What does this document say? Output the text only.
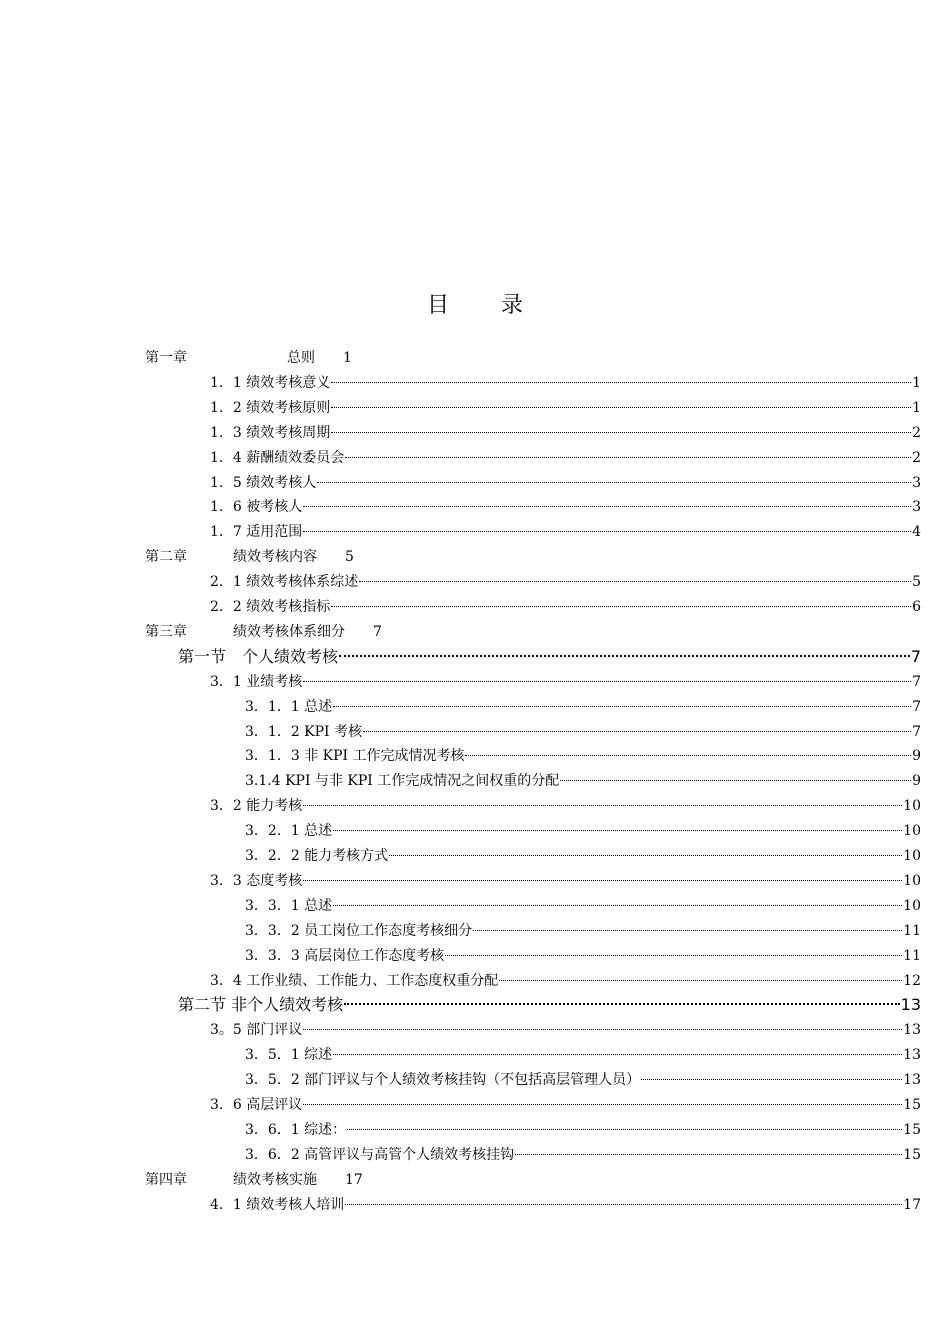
目 录
第一章	总则 1
1．1 绩效考核意义	1
1．2 绩效考核原则	1
1．3 绩效考核周期	2
1．4 薪酬绩效委员会	2
1．5 绩效考核人	3
1．6 被考核人	3
1．7 适用范围	4
第二章	绩效考核内容 5
2．1 绩效考核体系综述	5
2．2 绩效考核指标	6
第三章	绩效考核体系细分 7
第一节　个人绩效考核	7
3．1 业绩考核	7
3．1．1 总述	7
3．1．2 KPI 考核	7
3．1．3 非 KPI 工作完成情况考核	9
3.1.4 KPI 与非 KPI 工作完成情况之间权重的分配	9
3．2 能力考核	10
3．2．1 总述	10
3．2．2 能力考核方式	10
3．3 态度考核	10
3．3．1 总述	10
3．3．2 员工岗位工作态度考核细分	11
3．3．3 高层岗位工作态度考核	11
3．4 工作业绩、工作能力、工作态度权重分配	12
第二节 非个人绩效考核	13
3。5 部门评议	13
3．5．1 综述	13
3．5．2 部门评议与个人绩效考核挂钩（不包括高层管理人员）	13
3．6 高层评议	15
3．6．1 综述：	15
3．6．2 高管评议与高管个人绩效考核挂钩	15
第四章	绩效考核实施 17
4．1 绩效考核人培训	17
